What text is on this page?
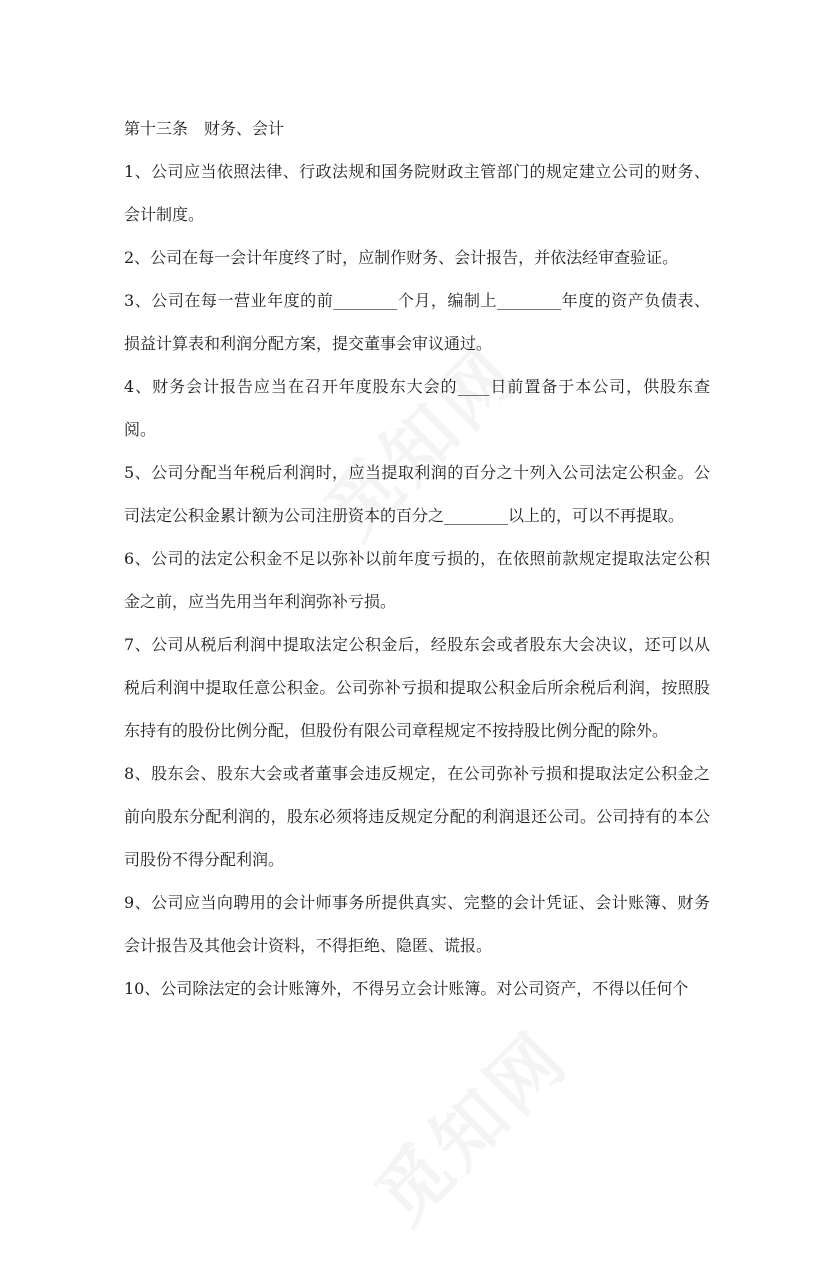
第十三条　财务、会计

1、公司应当依照法律、行政法规和国务院财政主管部门的规定建立公司的财务、会计制度。

2、公司在每一会计年度终了时，应制作财务、会计报告，并依法经审查验证。

3、公司在每一营业年度的前________个月，编制上________年度的资产负债表、损益计算表和利润分配方案，提交董事会审议通过。

4、财务会计报告应当在召开年度股东大会的____日前置备于本公司，供股东查阅。

5、公司分配当年税后利润时，应当提取利润的百分之十列入公司法定公积金。公司法定公积金累计额为公司注册资本的百分之________以上的，可以不再提取。

6、公司的法定公积金不足以弥补以前年度亏损的，在依照前款规定提取法定公积金之前，应当先用当年利润弥补亏损。

7、公司从税后利润中提取法定公积金后，经股东会或者股东大会决议，还可以从税后利润中提取任意公积金。公司弥补亏损和提取公积金后所余税后利润，按照股东持有的股份比例分配，但股份有限公司章程规定不按持股比例分配的除外。

8、股东会、股东大会或者董事会违反规定，在公司弥补亏损和提取法定公积金之前向股东分配利润的，股东必须将违反规定分配的利润退还公司。公司持有的本公司股份不得分配利润。

9、公司应当向聘用的会计师事务所提供真实、完整的会计凭证、会计账簿、财务会计报告及其他会计资料，不得拒绝、隐匿、谎报。

10、公司除法定的会计账簿外，不得另立会计账簿。对公司资产，不得以任何个
